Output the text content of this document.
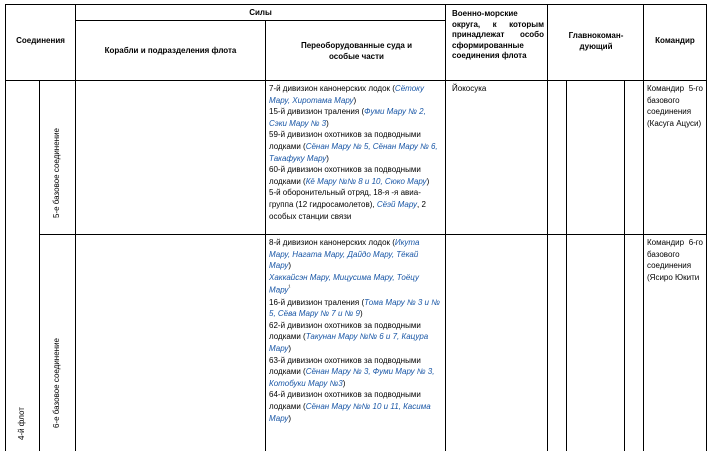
Соединения
Силы
Корабли и подразделения флота
Переоборудованные суда и особые части
Военно-морские округа, к которым принадлежат особо сформированные соединения флота
Главнокомандующий
Командир
4-й флот
5-е базовое соединение
6-е базовое соединение

7-й дивизион канонерских лодок (Сётоку Мару, Хиротама Мару)

15-й дивизион траления (Фуми Мару № 2, Сэки Мару № 3)

59-й дивизион охотников за подводными лодками (Сёнан Мару № 5, Сёнан Мару № 6, Такафуку Мару)

60-й дивизион охотников за подводными лодками (Кё Мару №№ 8 и 10, Сюко Мару)

5-й оборонительный отряд, 18-я -я авиагруппа (12 гидросамолетов), Сёэй Мару, 2 особых станции связи

Йокосука	Командир 5-го базового соединения (Касуга Ацуси)

8-й дивизион канонерских лодок (Икута Мару, Нагата Мару, Дайдо Мару, Тёкай Мару)

Хаккайсэн Мару, Мицусима Мару, Тоёцу Мару$^{^1}$

16-й дивизион траления (Тома Мару № 3 и № 5, Сёва Мару № 7 и № 9)

62-й дивизион охотников за подводными лодками (Такунан Мару №№ 6 и 7, Кацура Мару)

63-й дивизион охотников за подводными лодками (Сёнан Мару № 3, Фуми Мару № 3, Котобуки Мару №3)

64-й дивизион охотников за подводными лодками (Сёнан Мару №№ 10 и 11, Касима Мару)

Командир 6-го базового соединения (Ясиро Юкити
